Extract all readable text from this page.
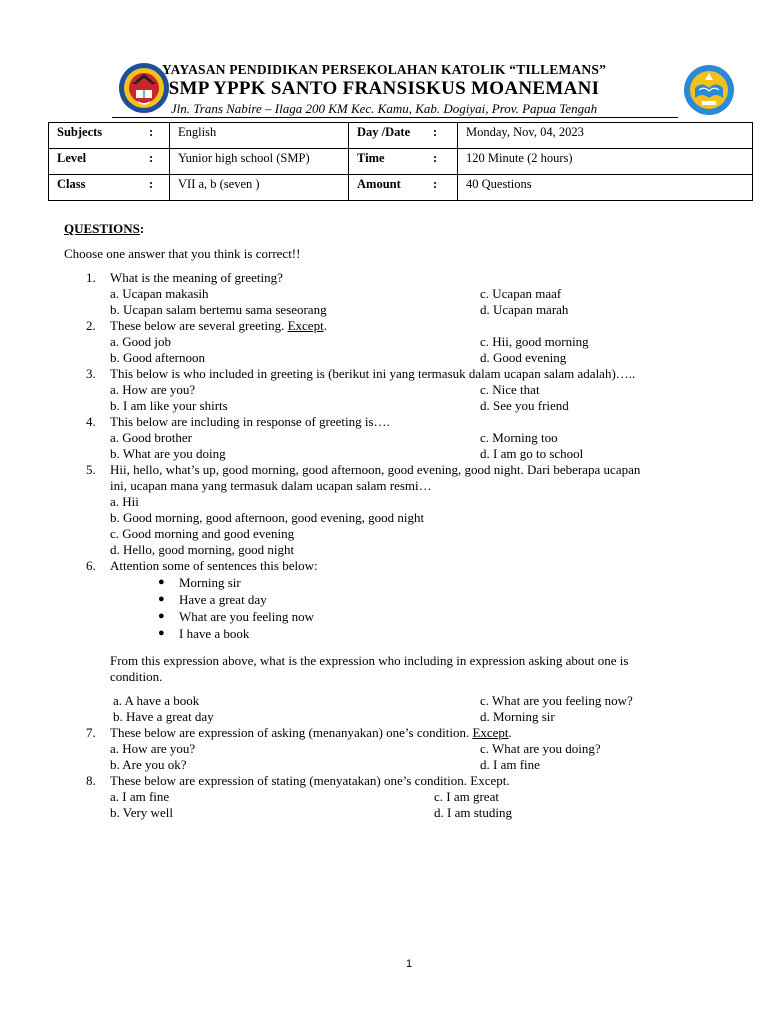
YAYASAN PENDIDIKAN PERSEKOLAHAN KATOLIK “TILLEMANS”
SMP YPPK SANTO FRANSISKUS MOANEMANI
Jln. Trans Nabire – Ilaga 200 KM Kec. Kamu, Kab. Dogiyai, Prov. Papua Tengah
Subjects :	English	Day /Date :	Monday, Nov, 04, 2023
Level :	Yunior high school (SMP)	Time :	120 Minute (2 hours)
Class :	VII a, b (seven )	Amount :	40 Questions
QUESTIONS:
Choose one answer that you think is correct!!
1. What is the meaning of greeting?
a. Ucapan makasih	c. Ucapan maaf
b. Ucapan salam bertemu sama seseorang	d. Ucapan marah
2. These below are several greeting. Except.
a. Good job	c. Hii, good morning
b. Good afternoon	d. Good evening
3. This below is who included in greeting is (berikut ini yang termasuk dalam ucapan salam adalah)…..
a. How are you?	c. Nice that
b. I am like your shirts	d. See you friend
4. This below are including in response of greeting is….
a. Good brother	c. Morning too
b. What are you doing	d. I am go to school
5. Hii, hello, what’s up, good morning, good afternoon, good evening, good night. Dari beberapa ucapan
ini, ucapan mana yang termasuk dalam ucapan salam resmi…
a. Hii
b. Good morning, good afternoon, good evening, good night
c. Good morning and good evening
d. Hello, good morning, good night
6. Attention some of sentences this below:
● Morning sir
● Have a great day
● What are you feeling now
● I have a book
From this expression above, what is the expression who including in expression asking about one is
condition.
a. A have a book	c. What are you feeling now?
b. Have a great day	d. Morning sir
7. These below are expression of asking (menanyakan) one’s condition. Except.
a. How are you?	c. What are you doing?
b. Are you ok?	d. I am fine
8. These below are expression of stating (menyatakan) one’s condition. Except.
a. I am fine	c. I am great
b. Very well	d. I am studing
1
